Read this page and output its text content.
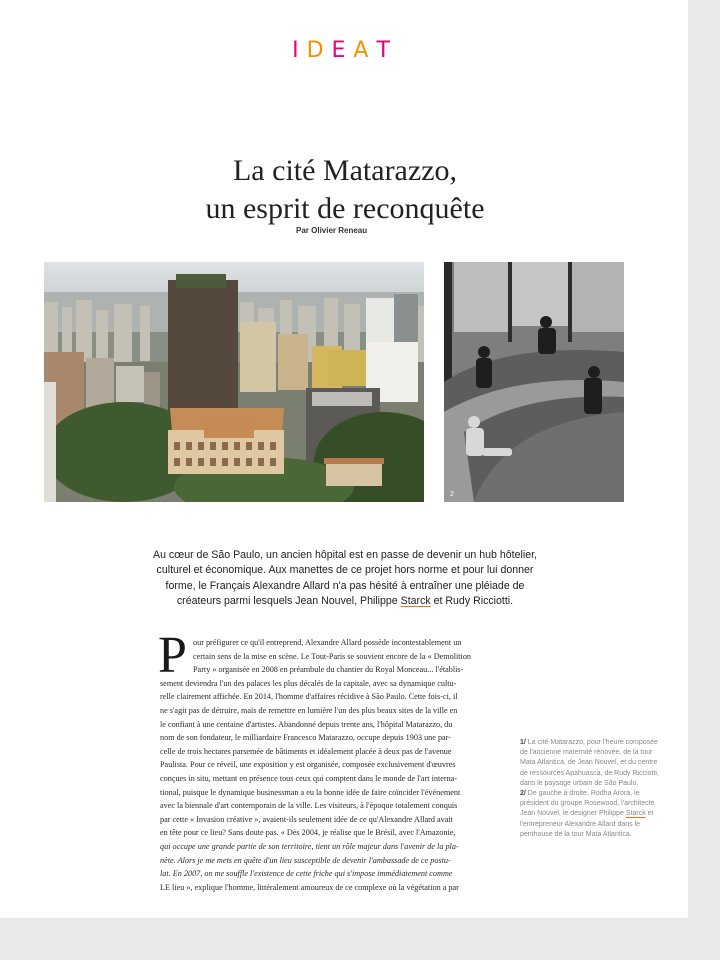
IDEAT
La cité Matarazzo,
un esprit de reconquête
Par Olivier Reneau
2

Au cœur de São Paulo, un ancien hôpital est en passe de devenir un hub hôtelier, culturel et économique. Aux manettes de ce projet hors norme et pour lui donner forme, le Français Alexandre Allard n'a pas hésité à entraîner une pléiade de créateurs parmi lesquels Jean Nouvel, Philippe Starck et Rudy Ricciotti.

P our préfigurer ce qu'il entreprend, Alexandre Allard possède incontestablement un
certain sens de la mise en scène. Le Tout-Paris se souvient encore de la « Demolition
Party » organisée en 2008 en préambule du chantier du Royal Monceau... l'établis-
sement deviendra l'un des palaces les plus décalés de la capitale, avec sa dynamique cultu-
relle clairement affichée. En 2014, l'homme d'affaires récidive à São Paulo. Cette fois-ci, il
ne s'agit pas de détruire, mais de remettre en lumière l'un des plus beaux sites de la ville en
le confiant à une centaine d'artistes. Abandonné depuis trente ans, l'hôpital Matarazzo, du
nom de son fondateur, le milliardaire Francesco Matarazzo, occupe depuis 1903 une par-
celle de trois hectares parsemée de bâtiments et idéalement placée à deux pas de l'avenue
Paulista. Pour ce réveil, une exposition y est organisée, composée exclusivement d'œuvres
conçues in situ, mettant en présence tous ceux qui comptent dans le monde de l'art interna-
tional, puisque le dynamique businessman a eu la bonne idée de faire coïncider l'événement
avec la biennale d'art contemporain de la ville. Les visiteurs, à l'époque totalement conquis
par cette « Invasion créative », avaient-ils seulement idée de ce qu'Alexandre Allard avait
en tête pour ce lieu? Sans doute pas. « Dès 2004, je réalise que le Brésil, avec l'Amazonie,
qui occupe une grande partie de son territoire, tient un rôle majeur dans l'avenir de la pla-
nète. Alors je me mets en quête d'un lieu susceptible de devenir l'ambassade de ce postu-
lat. En 2007, on me souffle l'existence de cette friche qui s'impose immédiatement comme
LE lieu », explique l'homme, littéralement amoureux de ce complexe où la végétation a par
1/ La cité Matarazzo, pour l'heure composée de l'ancienne maternité rénovée, de la tour Mata Atlantica, de Jean Nouvel, et du centre de ressources Apahuasca, de Rudy Ricciotti, dans le paysage urbain de São Paulo.
2/ De gauche à droite, Rodha Arora, le président du groupe Rosewood, l'architecte Jean Nouvel, le designer Philippe Starck et l'entrepreneur Alexandre Allard dans le penthouse de la tour Mata Atlantica.
